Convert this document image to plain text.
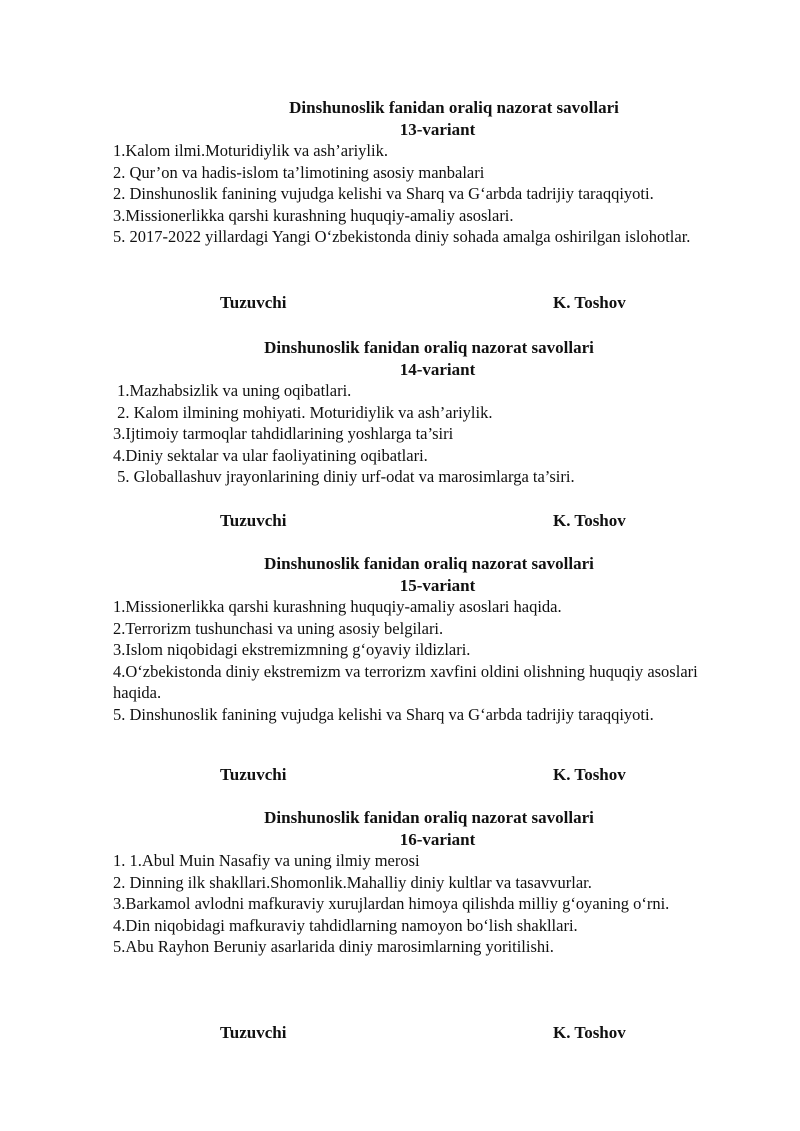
Dinshunoslik fanidan oraliq nazorat savollari

13-variant

1.Kalom ilmi.Moturidiylik va ash’ariylik.
2. Qur’on va hadis-islom ta’limotining asosiy manbalari
2. Dinshunoslik fanining vujudga kelishi va Sharq va G‘arbda tadrijiy taraqqiyoti.
3.Missionerlikka qarshi kurashning huquqiy-amaliy asoslari.
5. 2017-2022 yillardagi Yangi O‘zbekistonda diniy sohada amalga oshirilgan islohotlar.
Tuzuvchi	K. Toshov

Dinshunoslik fanidan oraliq nazorat savollari

14-variant

1.Mazhabsizlik va uning oqibatlari.
2. Kalom ilmining mohiyati. Moturidiylik va ash’ariylik.
3.Ijtimoiy tarmoqlar tahdidlarining yoshlarga ta’siri
4.Diniy sektalar va ular faoliyatining oqibatlari.
5. Globallashuv jrayonlarining diniy urf-odat va marosimlarga ta’siri.
Tuzuvchi	K. Toshov

Dinshunoslik fanidan oraliq nazorat savollari

15-variant

1.Missionerlikka qarshi kurashning huquqiy-amaliy asoslari haqida.
2.Terrorizm tushunchasi va uning asosiy belgilari.
3.Islom niqobidagi ekstremizmning g‘oyaviy ildizlari.
4.O‘zbekistonda diniy ekstremizm va terrorizm xavfini oldini olishning huquqiy asoslari haqida.
5. Dinshunoslik fanining vujudga kelishi va Sharq va G‘arbda tadrijiy taraqqiyoti.
Tuzuvchi	K. Toshov

Dinshunoslik fanidan oraliq nazorat savollari

16-variant

1. 1.Abul Muin Nasafiy va uning ilmiy merosi
2. Dinning ilk shakllari.Shomonlik.Mahalliy diniy kultlar va tasavvurlar.
3.Barkamol avlodni mafkuraviy xurujlardan himoya qilishda milliy g‘oyaning o‘rni.
4.Din niqobidagi mafkuraviy tahdidlarning namoyon bo‘lish shakllari.
5.Abu Rayhon Beruniy asarlarida diniy marosimlarning yoritilishi.
Tuzuvchi	K. Toshov
